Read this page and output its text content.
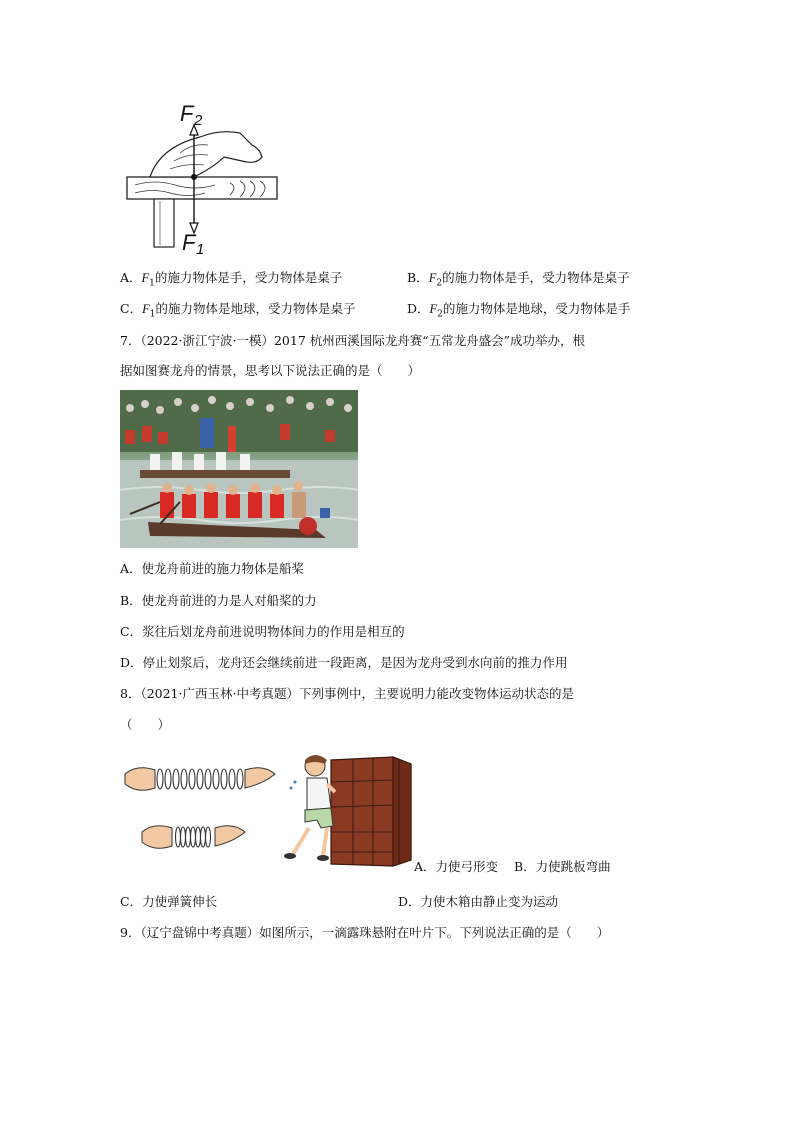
F 2
F 1
A．$F_1$的施力物体是手，受力物体是桌子	B．$F_2$的施力物体是手，受力物体是桌子
C．$F_1$的施力物体是地球，受力物体是桌子	D．$F_2$的施力物体是地球，受力物体是手
7．（2022·浙江宁波·一模）2017 杭州西溪国际龙舟赛“五常龙舟盛会”成功举办，根
据如图赛龙舟的情景，思考以下说法正确的是（　　）
A．使龙舟前进的施力物体是船桨
B．使龙舟前进的力是人对船桨的力
C．浆往后划龙舟前进说明物体间力的作用是相互的
D．停止划浆后，龙舟还会继续前进一段距离，是因为龙舟受到水向前的推力作用
8．（2021·广西玉林·中考真题）下列事例中，主要说明力能改变物体运动状态的是
（　　）
A．力使弓形变 B．力使跳板弯曲
C．力使弹簧伸长	D．力使木箱由静止变为运动
9．（辽宁盘锦中考真题）如图所示，一滴露珠悬附在叶片下。下列说法正确的是（　　）
